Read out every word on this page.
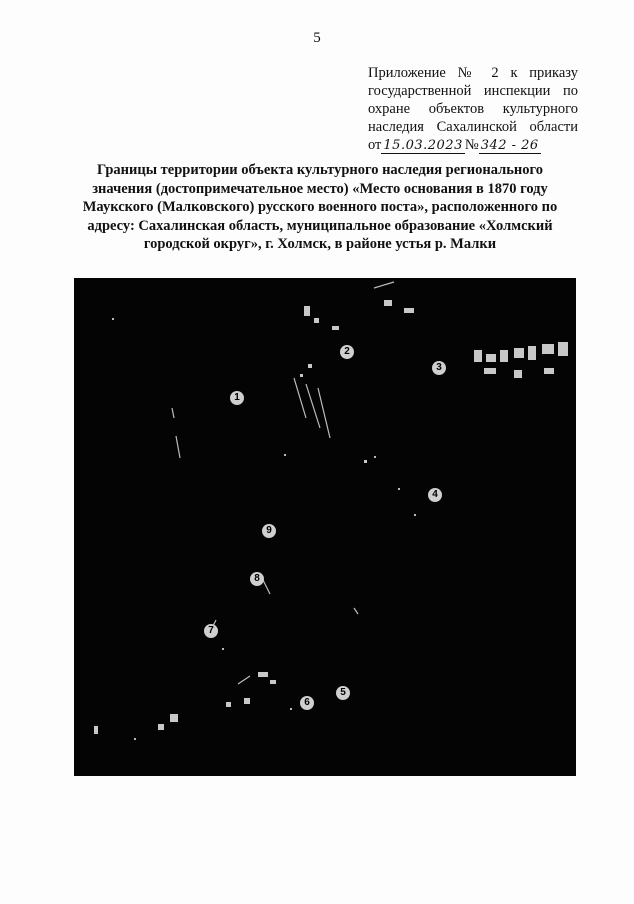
5
Приложение № 2 к приказу
государственной инспекции по
охране объектов культурного
наследия Сахалинской области
от 15.03.2023 № 342 - 26
Границы территории объекта культурного наследия регионального значения (достопримечательное место) «Место основания в 1870 году Маукского (Малковского) русского военного поста», расположенного по адресу: Сахалинская область, муниципальное образование «Холмский городской округ», г. Холмск, в районе устья р. Малки
1
2
3
4
5
6
7
8
9
